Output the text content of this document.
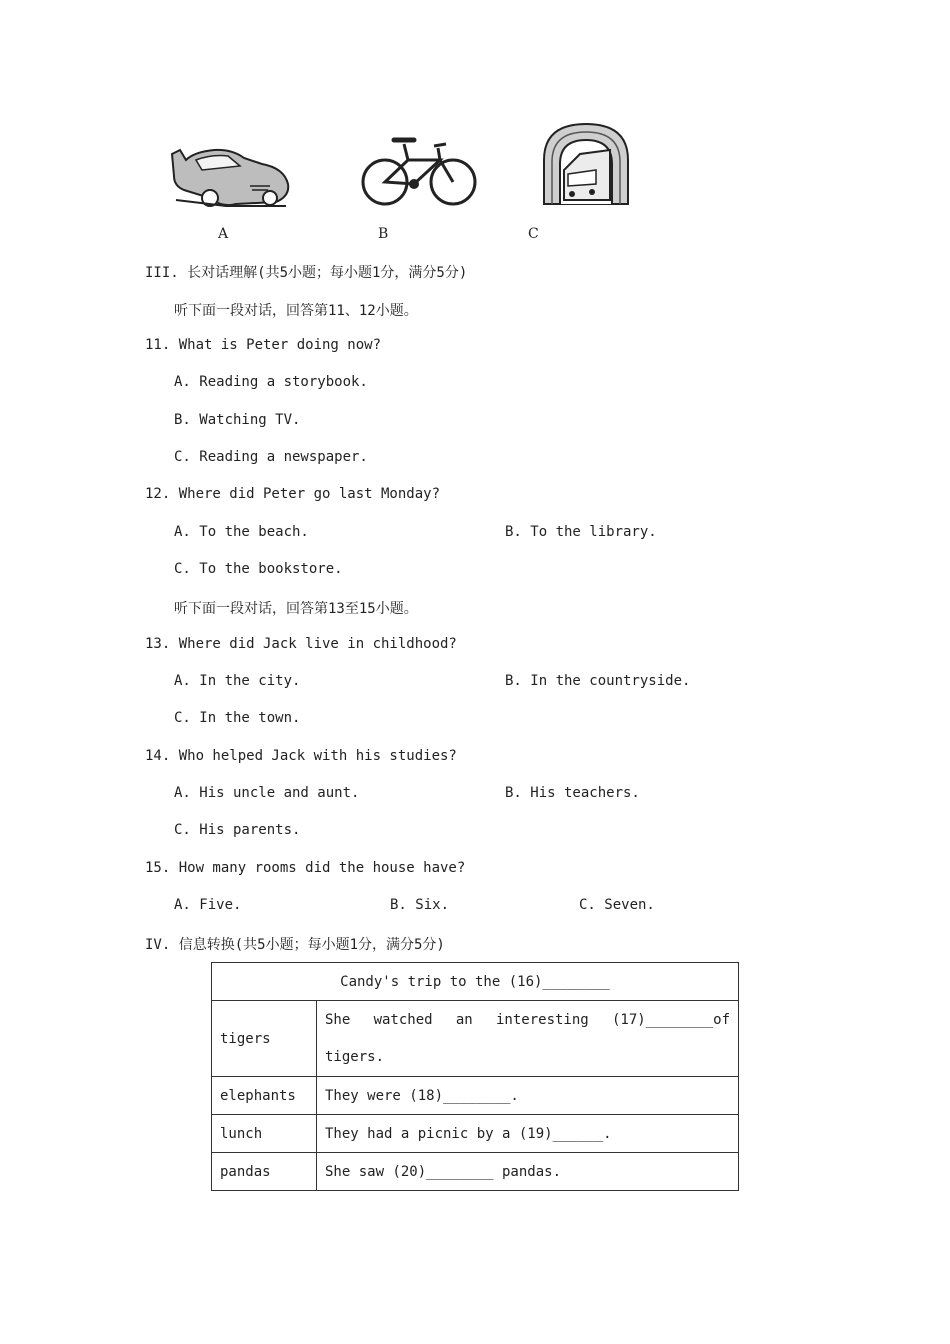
A	B	C
III. 长对话理解(共5小题；每小题1分，满分5分)
听下面一段对话，回答第11、12小题。
11. What is Peter doing now?
A. Reading a storybook.
B. Watching TV.
C. Reading a newspaper.
12. Where did Peter go last Monday?
A. To the beach.	B. To the library.
C. To the bookstore.
听下面一段对话，回答第13至15小题。
13. Where did Jack live in childhood?
A. In the city.	B. In the countryside.
C. In the town.
14. Who helped Jack with his studies?
A. His uncle and aunt.	B. His teachers.
C. His parents.
15. How many rooms did the house have?
A. Five.	B. Six.	C. Seven.
IV. 信息转换(共5小题；每小题1分，满分5分)
Candy's trip to the (16)________	
tigers	She watched an interesting (17)________of
tigers.

elephants	They were (18)________.
lunch	They had a picnic by a (19)______.
pandas	She saw (20)________ pandas.
